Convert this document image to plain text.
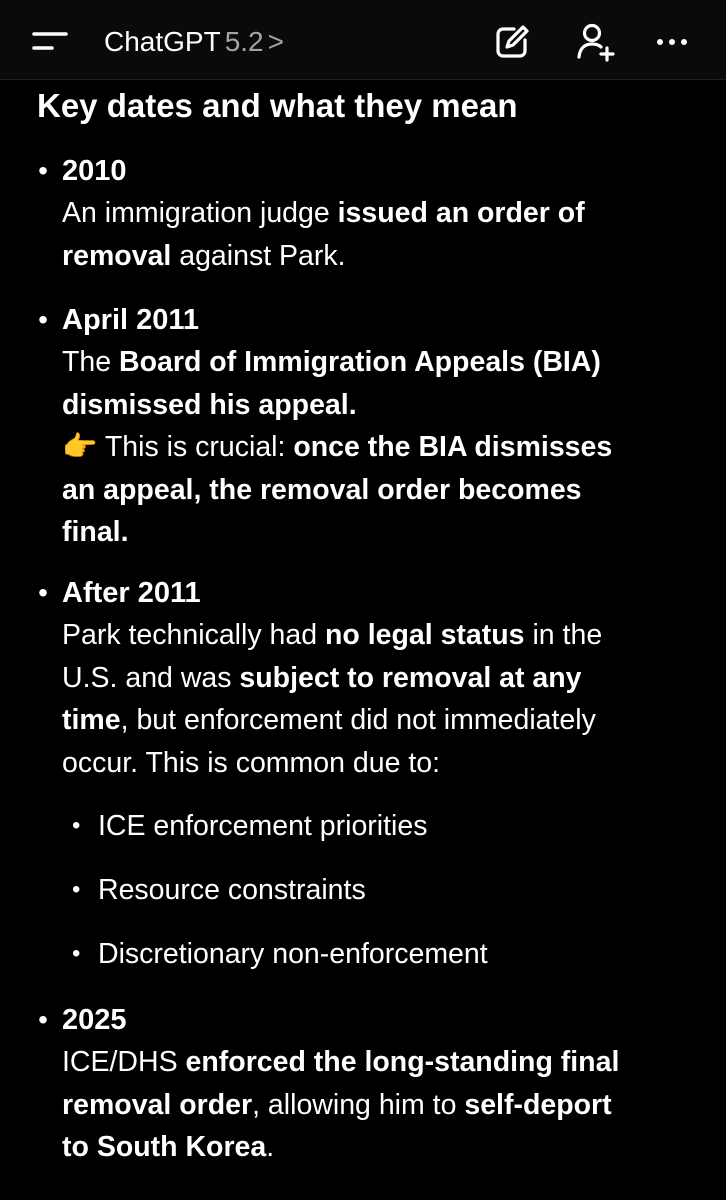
ChatGPT 5.2 >
Key dates and what they mean
• 2010
An immigration judge issued an order of
removal against Park.
• April 2011
The Board of Immigration Appeals (BIA)
dismissed his appeal.
👉 This is crucial: once the BIA dismisses
an appeal, the removal order becomes
final.
• After 2011
Park technically had no legal status in the
U.S. and was subject to removal at any
time, but enforcement did not immediately
occur. This is common due to:
• ICE enforcement priorities
• Resource constraints
• Discretionary non-enforcement
• 2025
ICE/DHS enforced the long-standing final
removal order, allowing him to self-deport
to South Korea.
